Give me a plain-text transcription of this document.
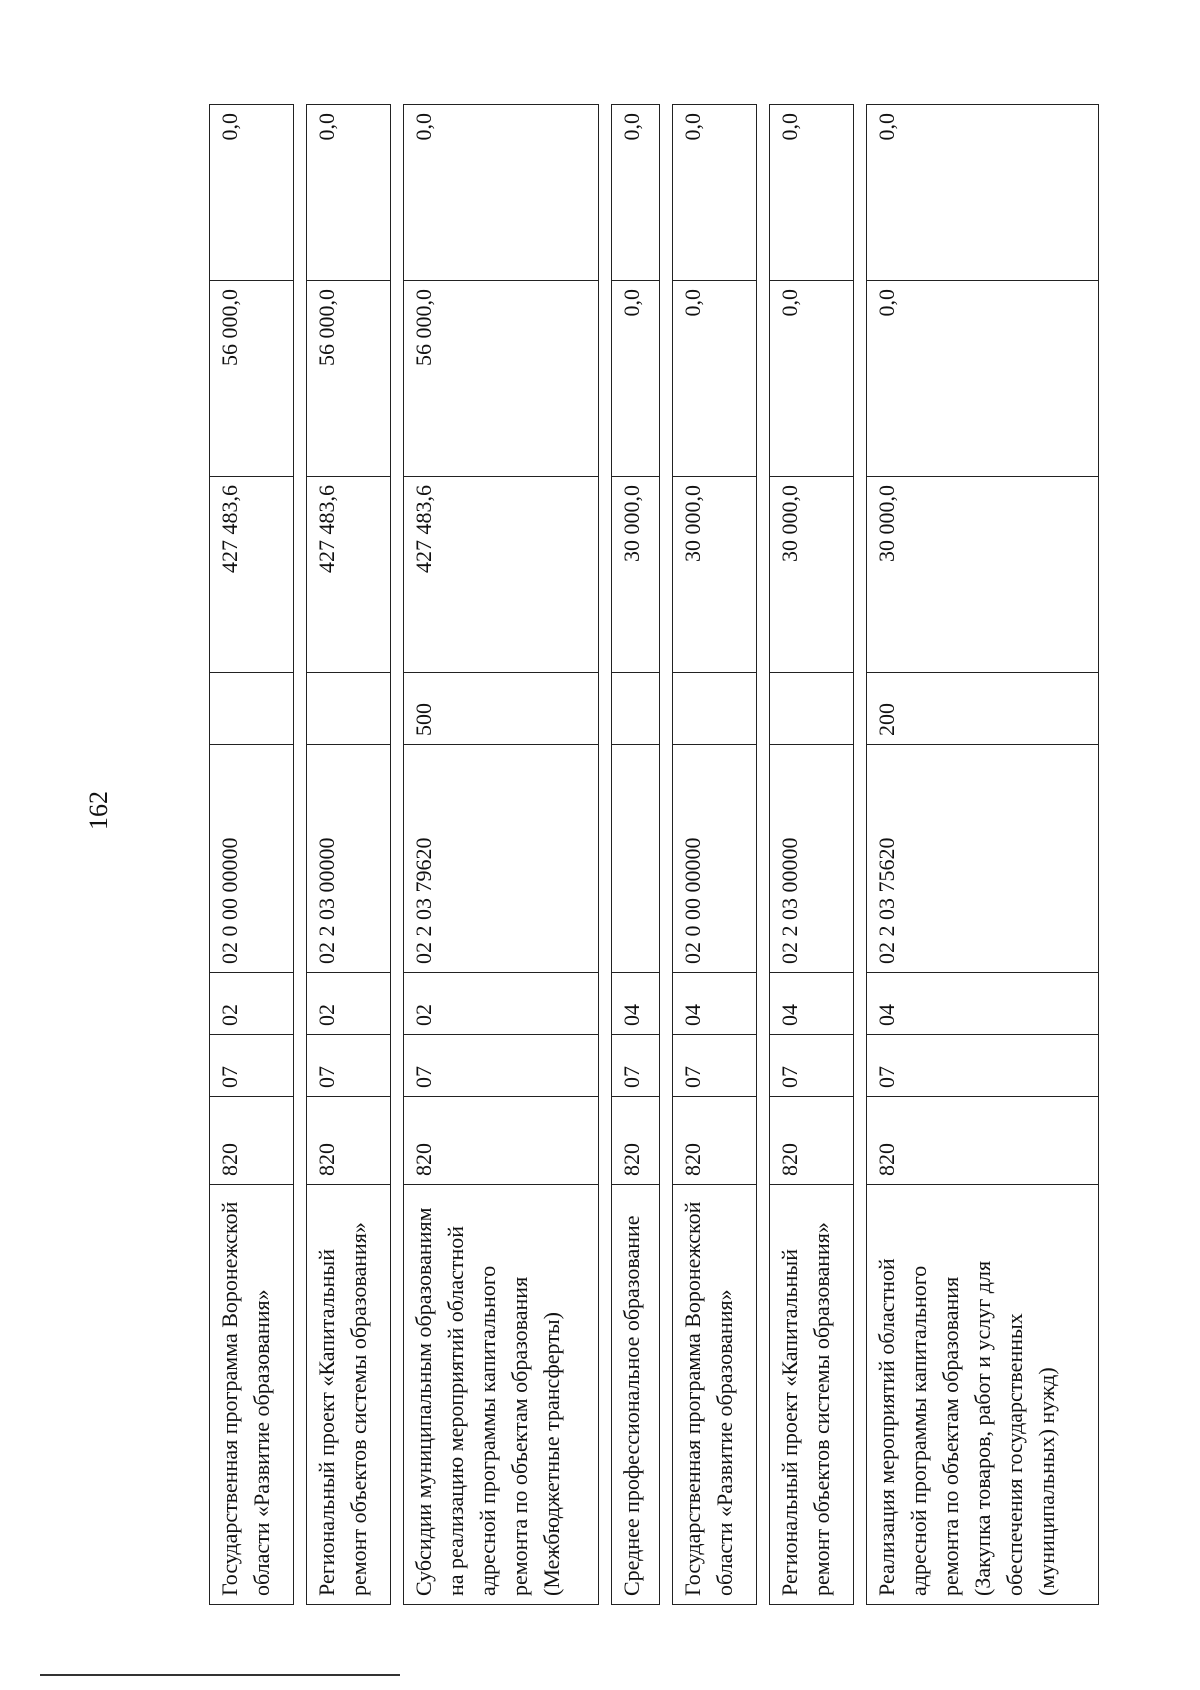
162
Государственная программа Воронежской области «Развитие образования»	820	07	02	02 0 00 00000		427 483,6	56 000,0	0,0

Региональный проект «Капитальный ремонт объектов системы образования»	820	07	02	02 2 03 00000		427 483,6	56 000,0	0,0

Субсидии муниципальным образованиям на реализацию мероприятий областной адресной программы капитального ремонта по объектам образования (Межбюджетные трансферты)	820	07	02	02 2 03 79620	500	427 483,6	56 000,0	0,0

Среднее профессиональное образование	820	07	04			30 000,0	0,0	0,0

Государственная программа Воронежской области «Развитие образования»	820	07	04	02 0 00 00000		30 000,0	0,0	0,0

Региональный проект «Капитальный ремонт объектов системы образования»	820	07	04	02 2 03 00000		30 000,0	0,0	0,0

Реализация мероприятий областной адресной программы капитального ремонта по объектам образования (Закупка товаров, работ и услуг для обеспечения государственных (муниципальных) нужд)	820	07	04	02 2 03 75620	200	30 000,0	0,0	0,0
